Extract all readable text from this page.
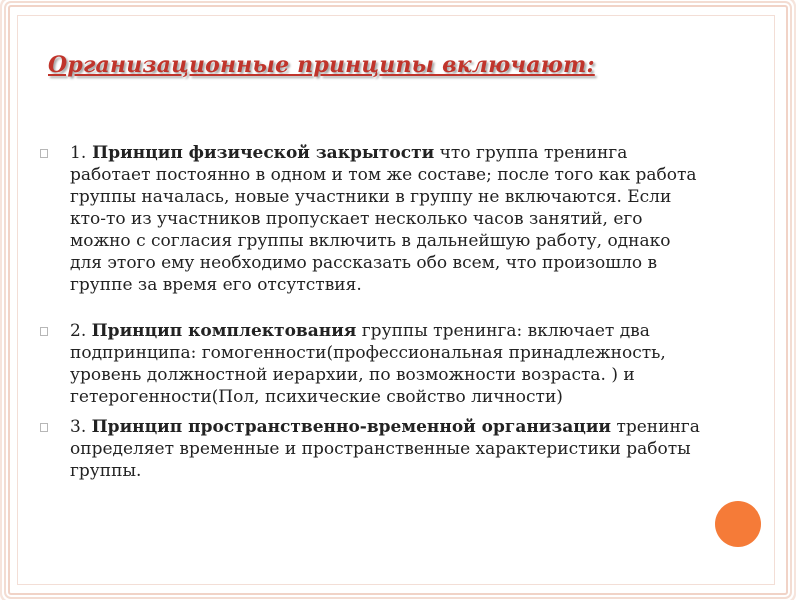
Организационные принципы включают:
1. Принцип физической закрытости что группа тренинга работает постоянно в одном и том же составе; после того как работа группы началась, новые участники в группу не включаются. Если кто-то из участников пропускает несколько часов занятий, его можно с согласия группы включить в дальнейшую работу, однако для этого ему необходимо рассказать обо всем, что произошло в группе за время его отсутствия.
2. Принцип комплектования группы тренинга: включает два подпринципа: гомогенности(профессиональная принадлежность, уровень должностной иерархии, по возможности возраста. ) и гетерогенности(Пол, психические свойство личности)
3. Принцип пространственно-временной организации тренинга определяет временные и пространственные характеристики работы группы.
